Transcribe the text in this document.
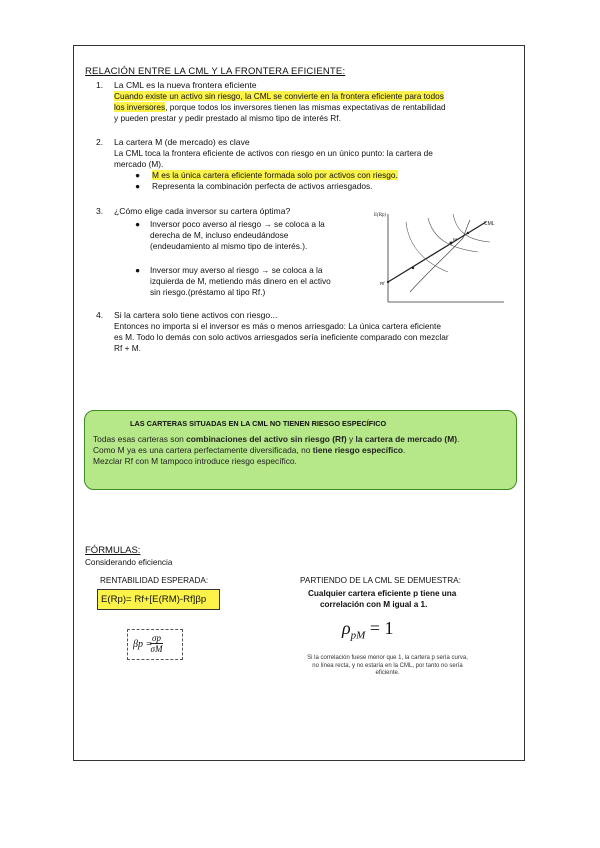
RELACIÓN ENTRE LA CML Y LA FRONTERA EFICIENTE:
1. La CML es la nueva frontera eficiente
Cuando existe un activo sin riesgo, la CML se convierte en la frontera eficiente para todos
los inversores, porque todos los inversores tienen las mismas expectativas de rentabilidad
y pueden prestar y pedir prestado al mismo tipo de interés Rf.
2. La cartera M (de mercado) es clave
La CML toca la frontera eficiente de activos con riesgo en un único punto: la cartera de
mercado (M).
● M es la única cartera eficiente formada solo por activos con riesgo.
● Representa la combinación perfecta de activos arriesgados.
3. ¿Cómo elige cada inversor su cartera óptima?
● Inversor poco averso al riesgo → se coloca a la
derecha de M, incluso endeudándose
(endeudamiento al mismo tipo de interés.).
● Inversor muy averso al riesgo → se coloca a la
izquierda de M, metiendo más dinero en el activo
sin riesgo.(préstamo al tipo Rf.)
E(Rp)
CML
Rf
M
4. Si la cartera solo tiene activos con riesgo...
Entonces no importa si el inversor es más o menos arriesgado: La única cartera eficiente
es M. Todo lo demás con solo activos arriesgados sería ineficiente comparado con mezclar
Rf + M.
LAS CARTERAS SITUADAS EN LA CML NO TIENEN RIESGO ESPECÍFICO
Todas esas carteras son combinaciones del activo sin riesgo (Rf) y la cartera de mercado (M).
Como M ya es una cartera perfectamente diversificada, no tiene riesgo específico.
Mezclar Rf con M tampoco introduce riesgo específico.
FÓRMULAS:
Considerando eficiencia
RENTABILIDAD ESPERADA:
E(Rp)= Rf+[E(RM)-Rf]βp
βp =
$\frac{\sigma p}{\sigma M}$
PARTIENDO DE LA CML SE DEMUESTRA:
Cualquier cartera eficiente p tiene una
correlación con M igual a 1.
$\rho_{pM} = 1$
Si la correlación fuese menor que 1, la cartera p sería curva, no línea recta, y no estaría en la CML, por tanto no sería eficiente.
